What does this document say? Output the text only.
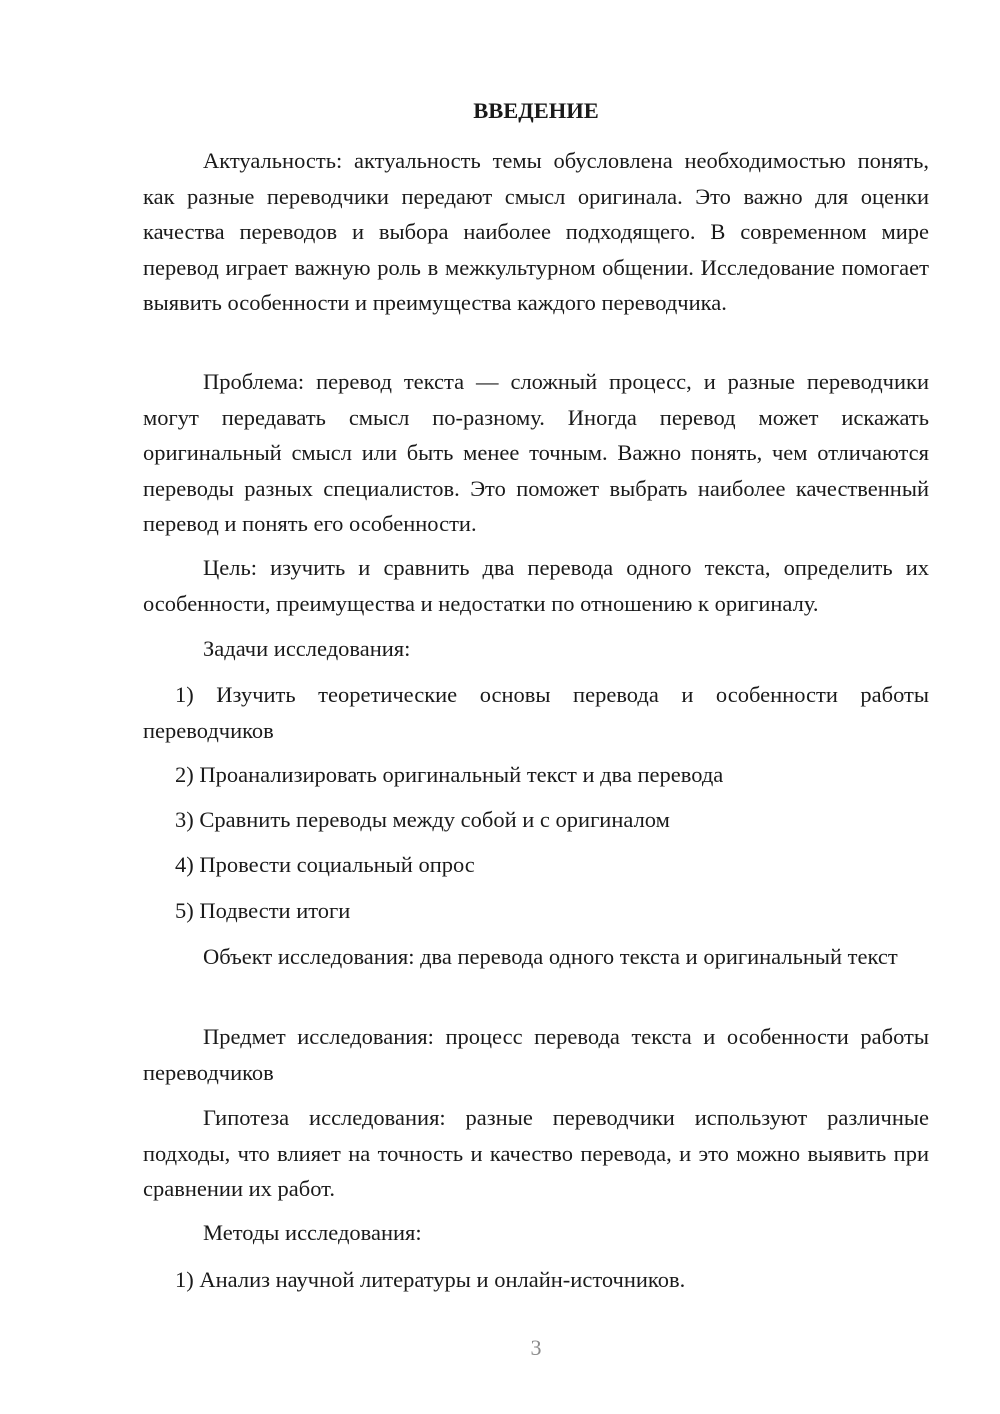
ВВЕДЕНИЕ

Актуальность: актуальность темы обусловлена необходимостью понять, как разные переводчики передают смысл оригинала. Это важно для оценки качества переводов и выбора наиболее подходящего. В современном мире перевод играет важную роль в межкультурном общении. Исследование помогает выявить особенности и преимущества каждого переводчика.

Проблема: перевод текста — сложный процесс, и разные переводчики могут передавать смысл по-разному. Иногда перевод может искажать оригинальный смысл или быть менее точным. Важно понять, чем отличаются переводы разных специалистов. Это поможет выбрать наиболее качественный перевод и понять его особенности.

Цель: изучить и сравнить два перевода одного текста, определить их особенности, преимущества и недостатки по отношению к оригиналу.

Задачи исследования:

1) Изучить теоретические основы перевода и особенности работы переводчиков

2) Проанализировать оригинальный текст и два перевода

3) Сравнить переводы между собой и с оригиналом

4) Провести социальный опрос

5) Подвести итоги

Объект исследования: два перевода одного текста и оригинальный текст

Предмет исследования: процесс перевода текста и особенности работы переводчиков

Гипотеза исследования: разные переводчики используют различные подходы, что влияет на точность и качество перевода, и это можно выявить при сравнении их работ.

Методы исследования:

1) Анализ научной литературы и онлайн-источников.

3
